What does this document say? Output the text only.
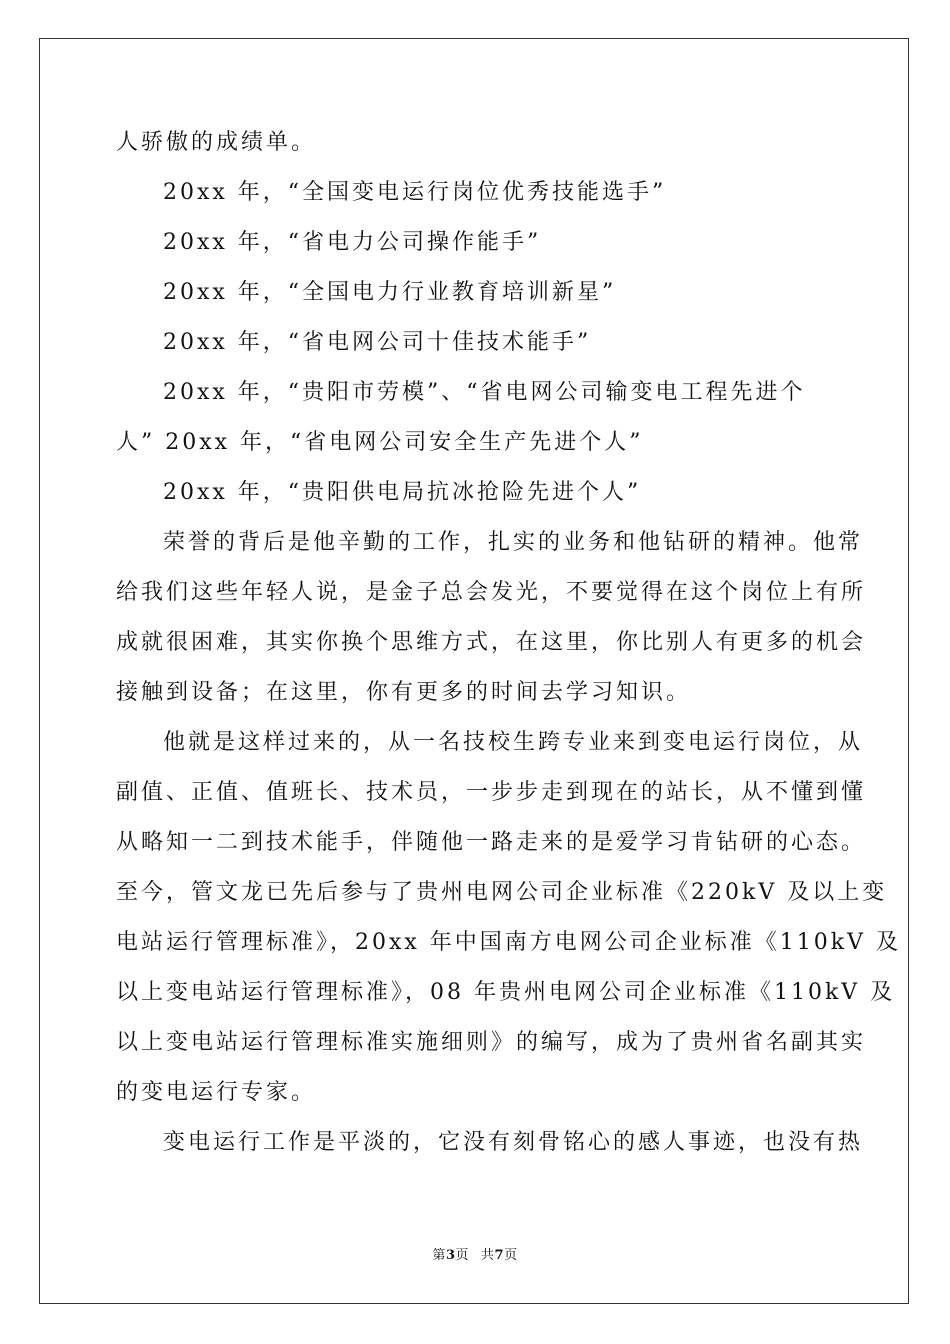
人骄傲的成绩单。
20xx 年，“全国变电运行岗位优秀技能选手”
20xx 年，“省电力公司操作能手”
20xx 年，“全国电力行业教育培训新星”
20xx 年，“省电网公司十佳技术能手”
20xx 年，“贵阳市劳模”、“省电网公司输变电工程先进个
人” 20xx 年，“省电网公司安全生产先进个人”
20xx 年，“贵阳供电局抗冰抢险先进个人”
荣誉的背后是他辛勤的工作，扎实的业务和他钻研的精神。他常
给我们这些年轻人说，是金子总会发光，不要觉得在这个岗位上有所
成就很困难，其实你换个思维方式，在这里，你比别人有更多的机会
接触到设备；在这里，你有更多的时间去学习知识。
他就是这样过来的，从一名技校生跨专业来到变电运行岗位，从
副值、正值、值班长、技术员，一步步走到现在的站长，从不懂到懂
从略知一二到技术能手，伴随他一路走来的是爱学习肯钻研的心态。
至今，管文龙已先后参与了贵州电网公司企业标准《220kV 及以上变
电站运行管理标准》，20xx 年中国南方电网公司企业标准《110kV 及
以上变电站运行管理标准》，08 年贵州电网公司企业标准《110kV 及
以上变电站运行管理标准实施细则》的编写，成为了贵州省名副其实
的变电运行专家。
变电运行工作是平淡的，它没有刻骨铭心的感人事迹，也没有热
第3页 共7页
